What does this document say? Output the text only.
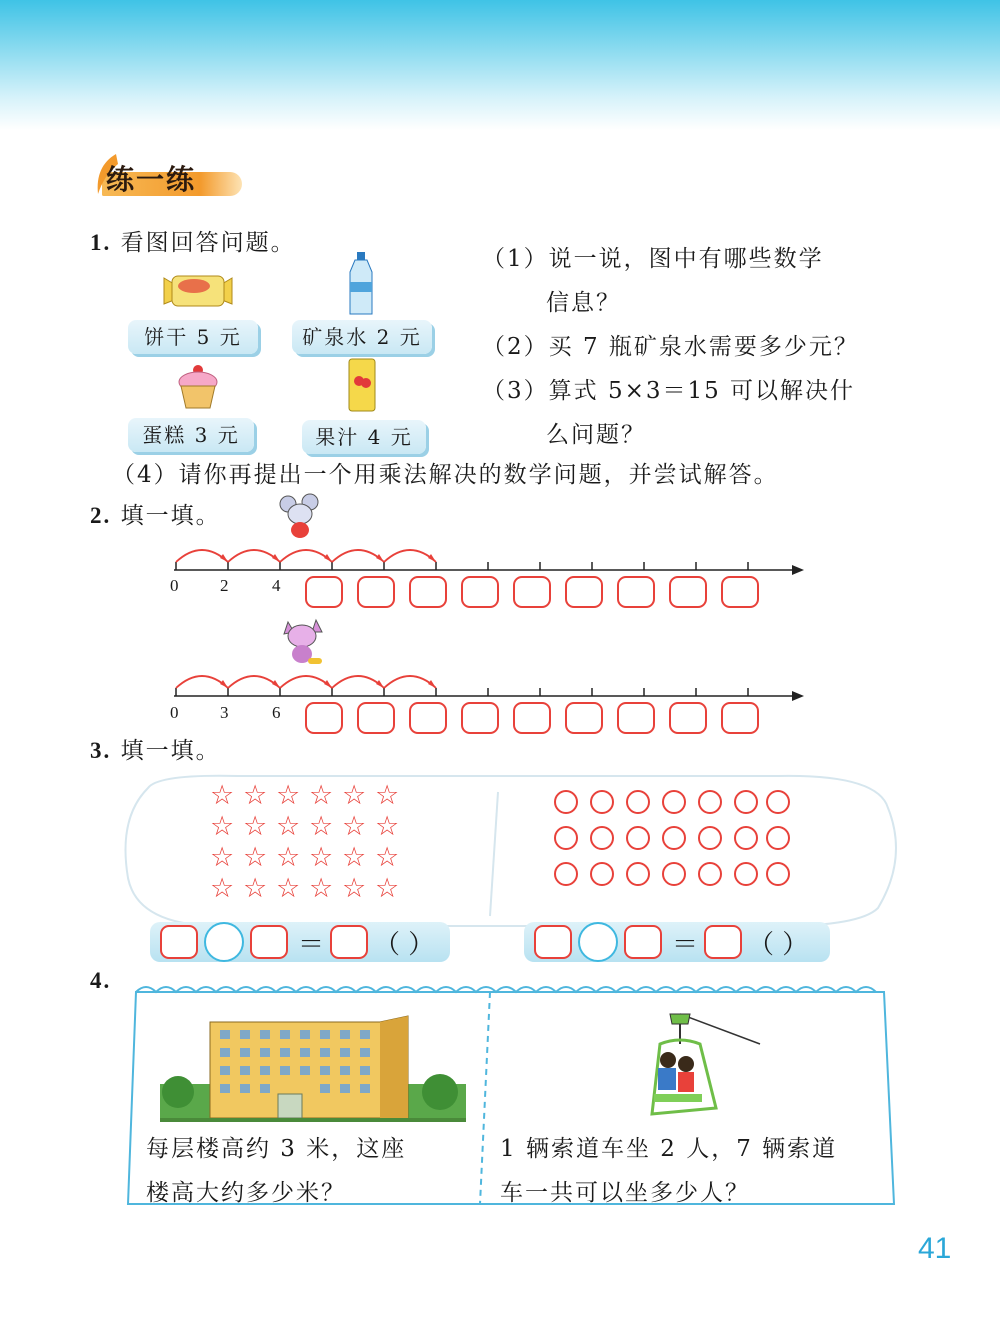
练一练
1. 看图回答问题。
饼干 5 元	矿泉水 2 元
蛋糕 3 元	果汁 4 元
（1）说一说，图中有哪些数学
信息？
（2）买 7 瓶矿泉水需要多少元？
（3）算式 5×3＝15 可以解决什
么问题？
（4）请你再提出一个用乘法解决的数学问题，并尝试解答。
2. 填一填。
0 2	4
0 3	6
3. 填一填。
☆ ☆ ☆ ☆ ☆ ☆
☆ ☆ ☆ ☆ ☆ ☆
☆ ☆ ☆ ☆ ☆ ☆
☆ ☆ ☆ ☆ ☆ ☆
＝ （ ）	＝ （ ）
4.
每层楼高约 3 米，这座
楼高大约多少米？
1 辆索道车坐 2 人，7 辆索道
车一共可以坐多少人？
41
